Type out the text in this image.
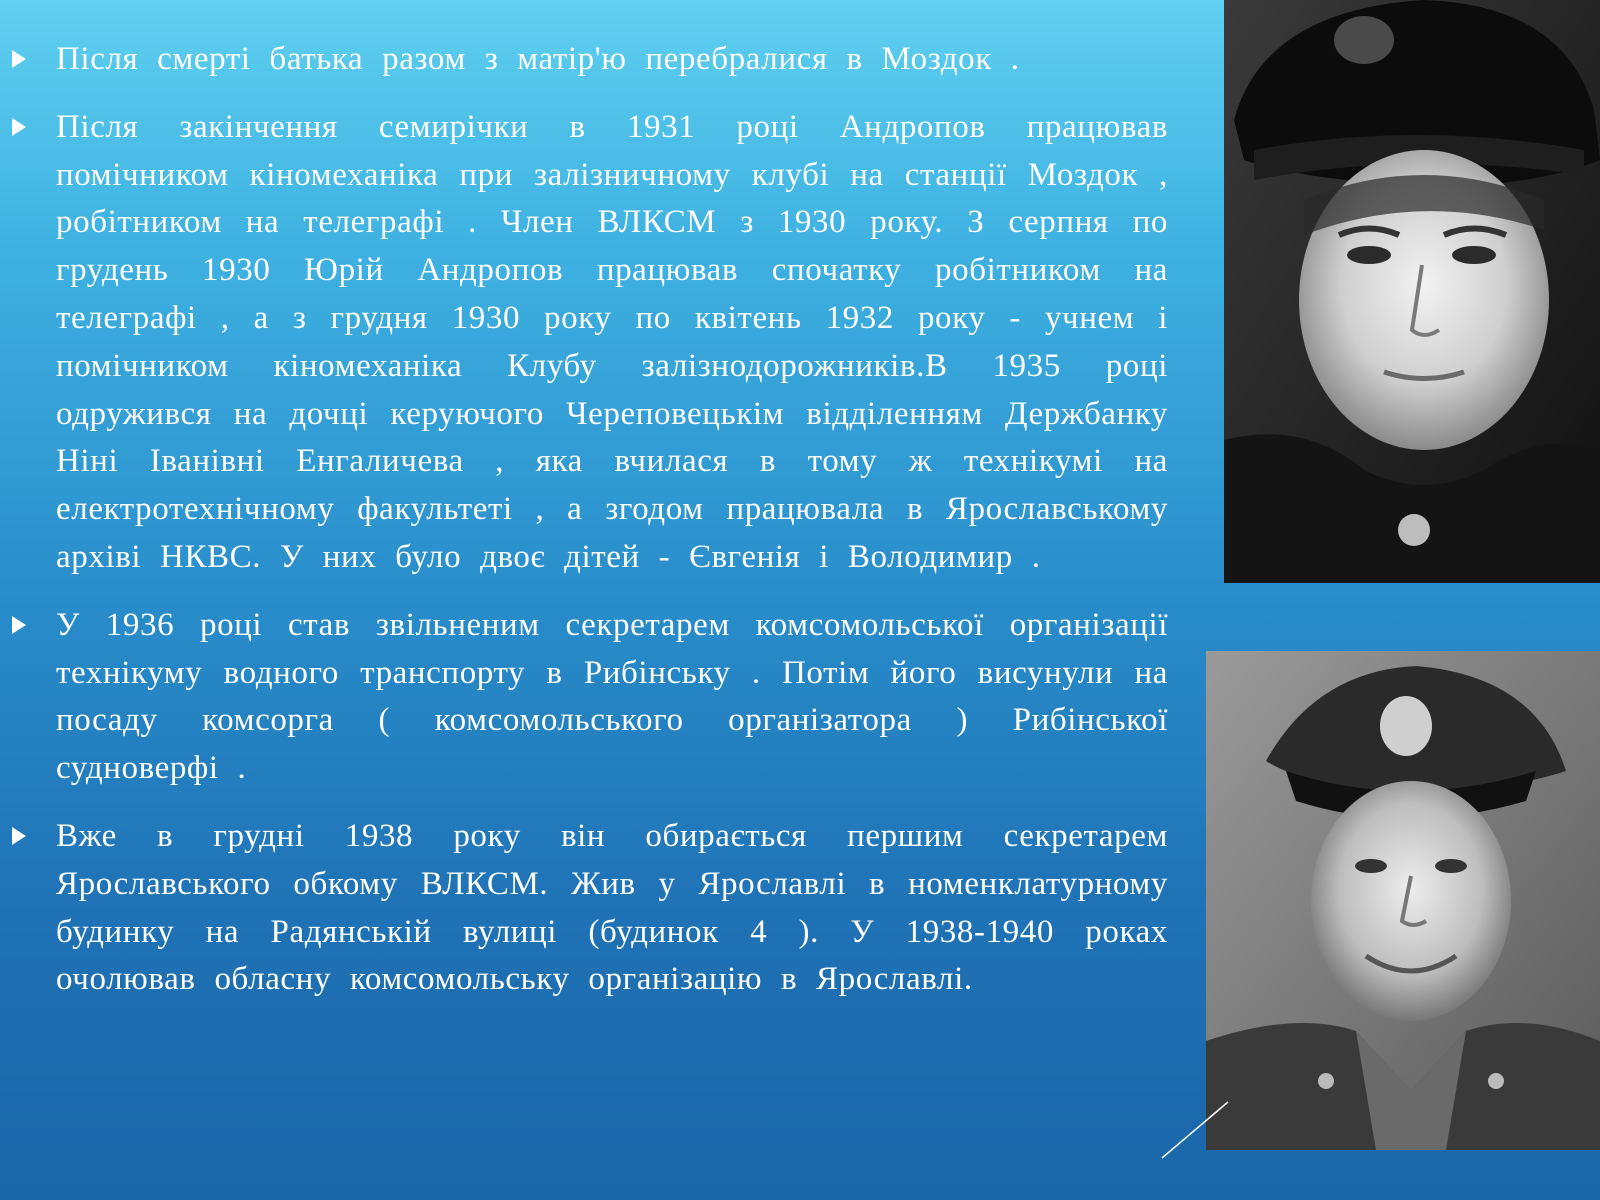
Після смерті батька разом з матір'ю перебралися в Моздок .

Після закінчення семирічки в 1931 році Андропов працював помічником кіномеханіка при залізничному клубі на станції Моздок , робітником на телеграфі . Член ВЛКСМ з 1930 року. З серпня по грудень 1930 Юрій Андропов працював спочатку робітником на телеграфі , а з грудня 1930 року по квітень 1932 року - учнем і помічником кіномеханіка Клубу залізнодорожників.В 1935 році одружився на дочці керуючого Череповецькім відділенням Держбанку Ніні Іванівні Енгаличева , яка вчилася в тому ж технікумі на електротехнічному факультеті , а згодом працювала в Ярославському архіві НКВС. У них було двоє дітей - Євгенія і Володимир .

У 1936 році став звільненим секретарем комсомольської організації технікуму водного транспорту в Рибінську . Потім його висунули на посаду комсорга ( комсомольського організатора ) Рибінської судноверфі .

Вже в грудні 1938 року він обирається першим секретарем Ярославського обкому ВЛКСМ. Жив у Ярославлі в номенклатурному будинку на Радянській вулиці (будинок 4 ). У 1938-1940 роках очолював обласну комсомольську організацію в Ярославлі.
